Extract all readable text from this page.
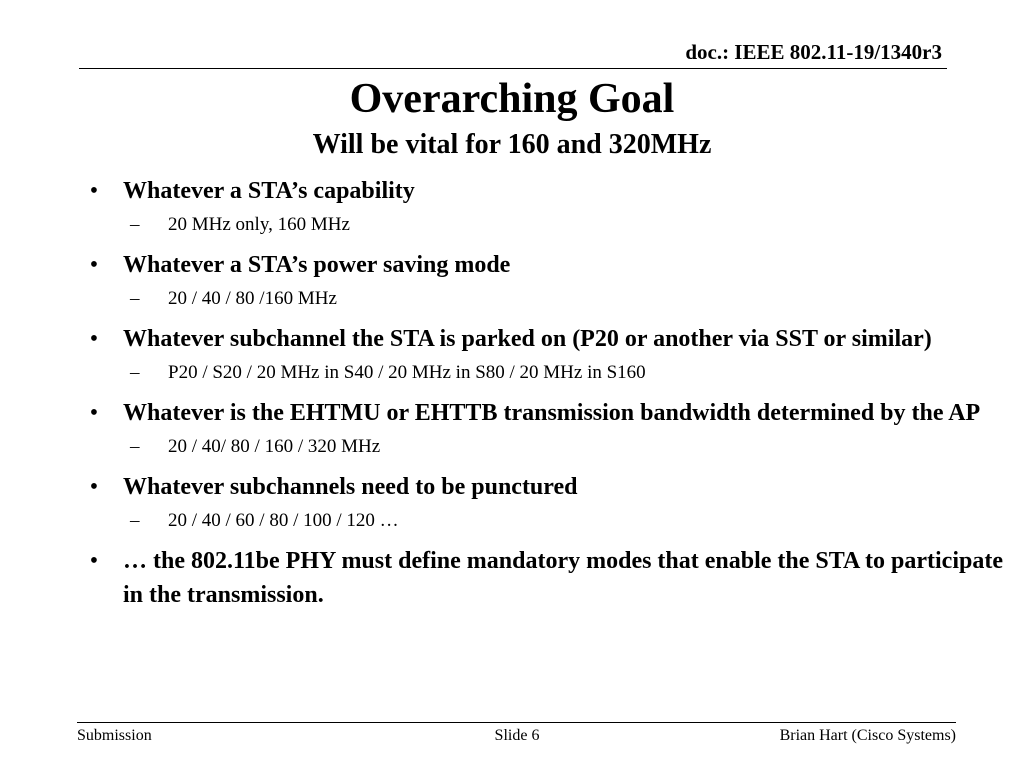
doc.: IEEE 802.11-19/1340r3
Overarching Goal
Will be vital for 160 and 320MHz
• Whatever a STA’s capability
– 20 MHz only, 160 MHz
• Whatever a STA’s power saving mode
– 20 / 40 / 80 /160 MHz
• Whatever subchannel the STA is parked on (P20 or another via SST or similar)
– P20 / S20 / 20 MHz in S40 / 20 MHz in S80 / 20 MHz in S160
• Whatever is the EHTMU or EHTTB transmission bandwidth determined by the AP
– 20 / 40/ 80 / 160 / 320 MHz
• Whatever subchannels need to be punctured
– 20 / 40 / 60 / 80 / 100 / 120 …
• … the 802.11be PHY must define mandatory modes that enable the STA to participate in the transmission.
Submission	Slide 6	Brian Hart (Cisco Systems)
